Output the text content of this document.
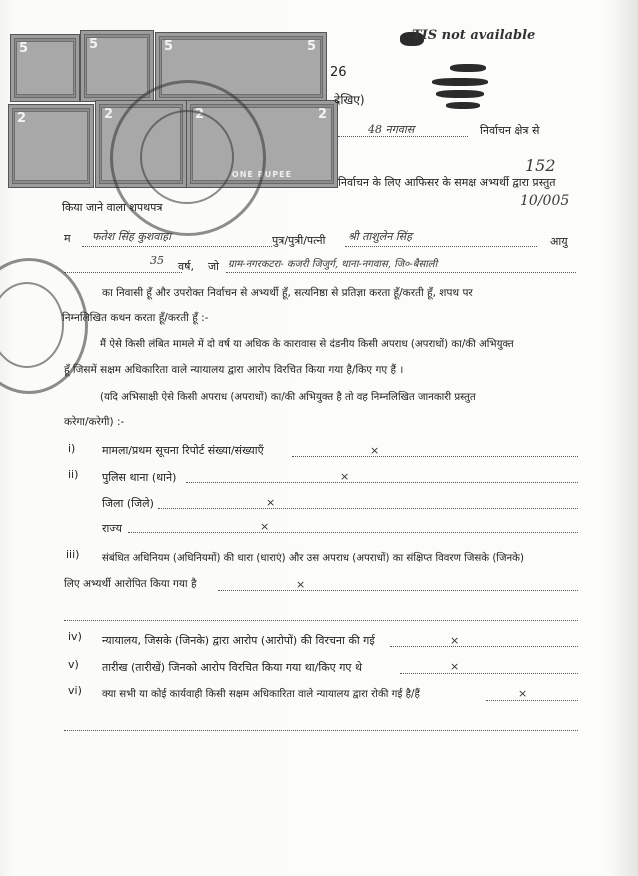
5	5	5	5
2	2	2	2
ONE RUPEE
TIS not available
152
10/005
26
देखिए)
48 नगवास	निर्वाचन क्षेत्र से
निर्वाचन के लिए आफिसर के समक्ष अभ्यर्थी द्वारा प्रस्तुत
किया जाने वाला शपथपत्र
म फतेश सिंह कुशवाहा	पुत्र/पुत्री/पत्नी श्री ताशुलेन सिंह	आयु
35 वर्ष, जो ग्राम-नगरकटरा- कजरी जिजुर्ग, थाना-नगवास, जि०-बैसाली
का निवासी हूँ और उपरोक्त निर्वाचन से अभ्यर्थी हूँ, सत्यनिष्ठा से प्रतिज्ञा करता हूँ/करती हूँ, शपथ पर
निम्नलिखित कथन करता हूँ/करती हूँ :-
मैं ऐसे किसी लंबित मामले में दो वर्ष या अधिक के कारावास से दंडनीय किसी अपराध (अपराधों) का/की अभियुक्त
हूँ जिसमें सक्षम अधिकारिता वाले न्यायालय द्वारा आरोप विरचित किया गया है/किए गए हैं ।
(यदि अभिसाक्षी ऐसे किसी अपराध (अपराधों) का/की अभियुक्त है तो वह निम्नलिखित जानकारी प्रस्तुत
करेगा/करेगी) :-
i) मामला/प्रथम सूचना रिपोर्ट संख्या/संख्याएँ	×
ii) पुलिस थाना (थाने)	×
जिला (जिले)	×
राज्य	×
iii) संबंधित अधिनियम (अधिनियमों) की धारा (धाराएं) और उस अपराध (अपराधों) का संक्षिप्त विवरण जिसके (जिनके)
लिए अभ्यर्थी आरोपित किया गया है	×
iv) न्यायालय, जिसके (जिनके) द्वारा आरोप (आरोपों) की विरचना की गई	×
v) तारीख (तारीखें) जिनको आरोप विरचित किया गया था/किए गए थे	×
vi) क्या सभी या कोई कार्यवाही किसी सक्षम अधिकारिता वाले न्यायालय द्वारा रोकी गई है/हैं	×
